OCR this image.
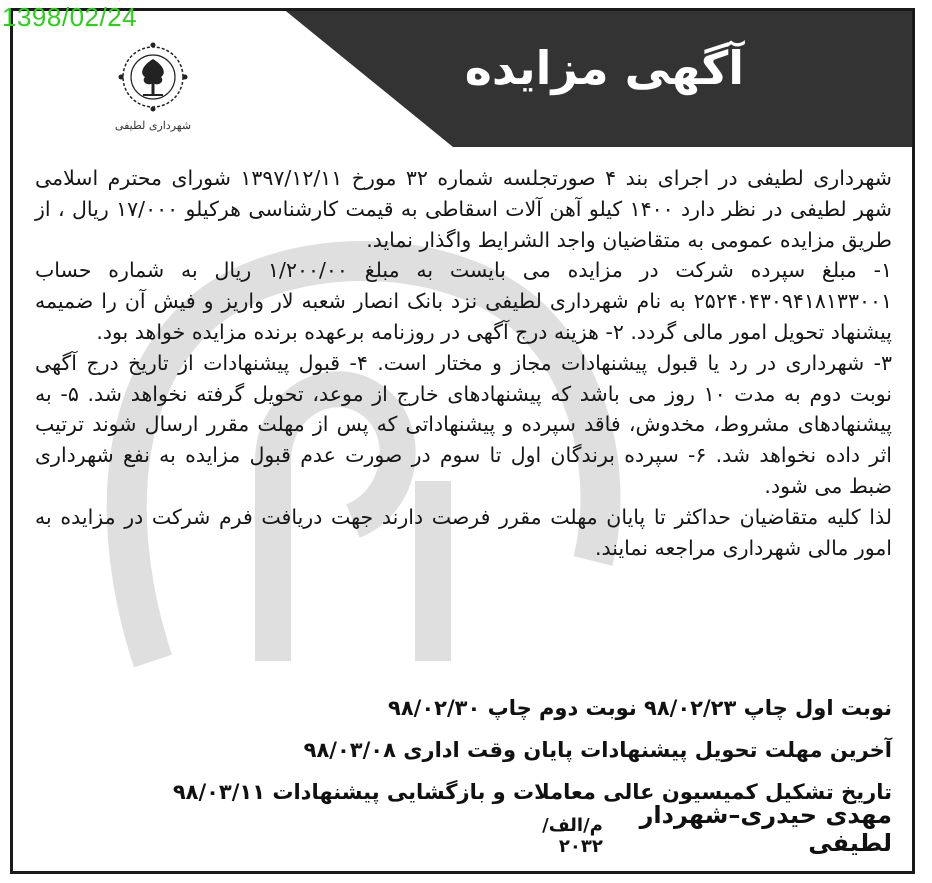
1398/02/24
شهرداری لطیفی
آگهی مزایده

شهرداری لطیفی در اجرای بند ۴ صورتجلسه شماره ۳۲ مورخ ۱۳۹۷/۱۲/۱۱ شورای محترم اسلامی شهر لطیفی در نظر دارد ۱۴۰۰ کیلو آهن آلات اسقاطی به قیمت کارشناسی هرکیلو ۱۷/۰۰۰ ریال ، از طریق مزایده عمومی به متقاضیان واجد الشرایط واگذار نماید.

۱- مبلغ سپرده شرکت در مزایده می بایست به مبلغ ۱/۲۰۰/۰۰ ریال به شماره حساب ۲۵۲۴۰۴۳۰۹۴۱۸۱۳۳۰۰۱ به نام شهرداری لطیفی نزد بانک انصار شعبه لار واریز و فیش آن را ضمیمه پیشنهاد تحویل امور مالی گردد. ۲- هزینه درج آگهی در روزنامه برعهده برنده مزایده خواهد بود.

۳- شهرداری در رد یا قبول پیشنهادات مجاز و مختار است. ۴- قبول پیشنهادات از تاریخ درج آگهی نوبت دوم به مدت ۱۰ روز می باشد که پیشنهادهای خارج از موعد، تحویل گرفته نخواهد شد. ۵- به پیشنهادهای مشروط، مخدوش، فاقد سپرده و پیشنهاداتی که پس از مهلت مقرر ارسال شوند ترتیب اثر داده نخواهد شد. ۶- سپرده برندگان اول تا سوم در صورت عدم قبول مزایده به نفع شهرداری ضبط می شود.

لذا کلیه متقاضیان حداکثر تا پایان مهلت مقرر فرصت دارند جهت دریافت فرم شرکت در مزایده به امور مالی شهرداری مراجعه نمایند.

نوبت اول چاپ ۹۸/۰۲/۲۳ نوبت دوم چاپ ۹۸/۰۲/۳۰
آخرین مهلت تحویل پیشنهادات پایان وقت اداری ۹۸/۰۳/۰۸
تاریخ تشکیل کمیسیون عالی معاملات و بازگشایی پیشنهادات ۹۸/۰۳/۱۱
مهدی حیدری–شهردار لطیفی
م/الف/۲۰۳۲
